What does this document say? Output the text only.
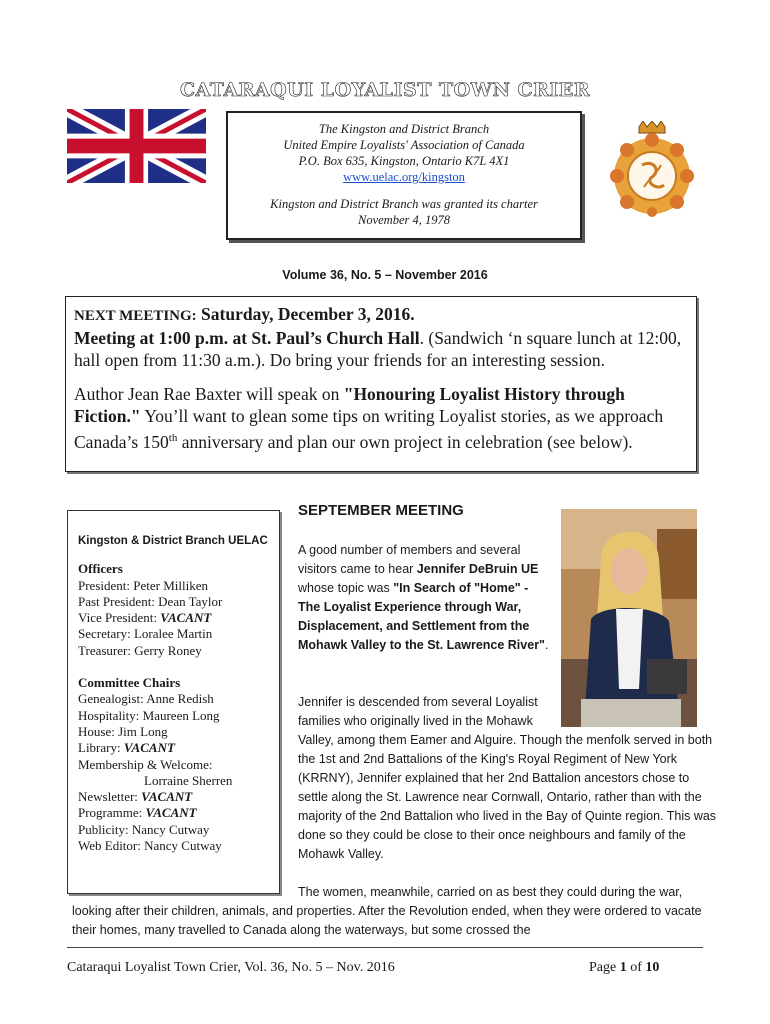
CATARAQUI LOYALIST TOWN CRIER
The Kingston and District Branch
United Empire Loyalists' Association of Canada
P.O. Box 635, Kingston, Ontario K7L 4X1
www.uelac.org/kingston
Kingston and District Branch was granted its charter
November 4, 1978
Volume 36, No. 5 – November 2016
NEXT MEETING: Saturday, December 3, 2016.
Meeting at 1:00 p.m. at St. Paul’s Church Hall. (Sandwich ‘n square lunch at 12:00, hall open from 11:30 a.m.). Do bring your friends for an interesting session.
Author Jean Rae Baxter will speak on "Honouring Loyalist History through Fiction." You’ll want to glean some tips on writing Loyalist stories, as we approach Canada’s 150th anniversary and plan our own project in celebration (see below).
Kingston & District Branch UELAC
Officers
President: Peter Milliken
Past President: Dean Taylor
Vice President: VACANT
Secretary: Loralee Martin
Treasurer: Gerry Roney
Committee Chairs
Genealogist: Anne Redish
Hospitality: Maureen Long
House: Jim Long
Library: VACANT
Membership & Welcome:
Lorraine Sherren
Newsletter: VACANT
Programme: VACANT
Publicity: Nancy Cutway
Web Editor: Nancy Cutway
SEPTEMBER MEETING
A good number of members and several visitors came to hear Jennifer DeBruin UE whose topic was "In Search of "Home" - The Loyalist Experience through War, Displacement, and Settlement from the Mohawk Valley to the St. Lawrence River".
Jennifer is descended from several Loyalist families who originally lived in the Mohawk Valley, among them Eamer and Alguire. Though the menfolk served in both the 1st and 2nd Battalions of the King's Royal Regiment of New York (KRRNY), Jennifer explained that her 2nd Battalion ancestors chose to settle along the St. Lawrence near Cornwall, Ontario, rather than with the majority of the 2nd Battalion who lived in the Bay of Quinte region. This was done so they could be close to their once neighbours and family of the Mohawk Valley.
The women, meanwhile, carried on as best they could during the war, looking after their children, animals, and properties. After the Revolution ended, when they were ordered to vacate their homes, many travelled to Canada along the waterways, but some crossed the
Cataraqui Loyalist Town Crier, Vol. 36, No. 5 – Nov. 2016	Page 1 of 10
